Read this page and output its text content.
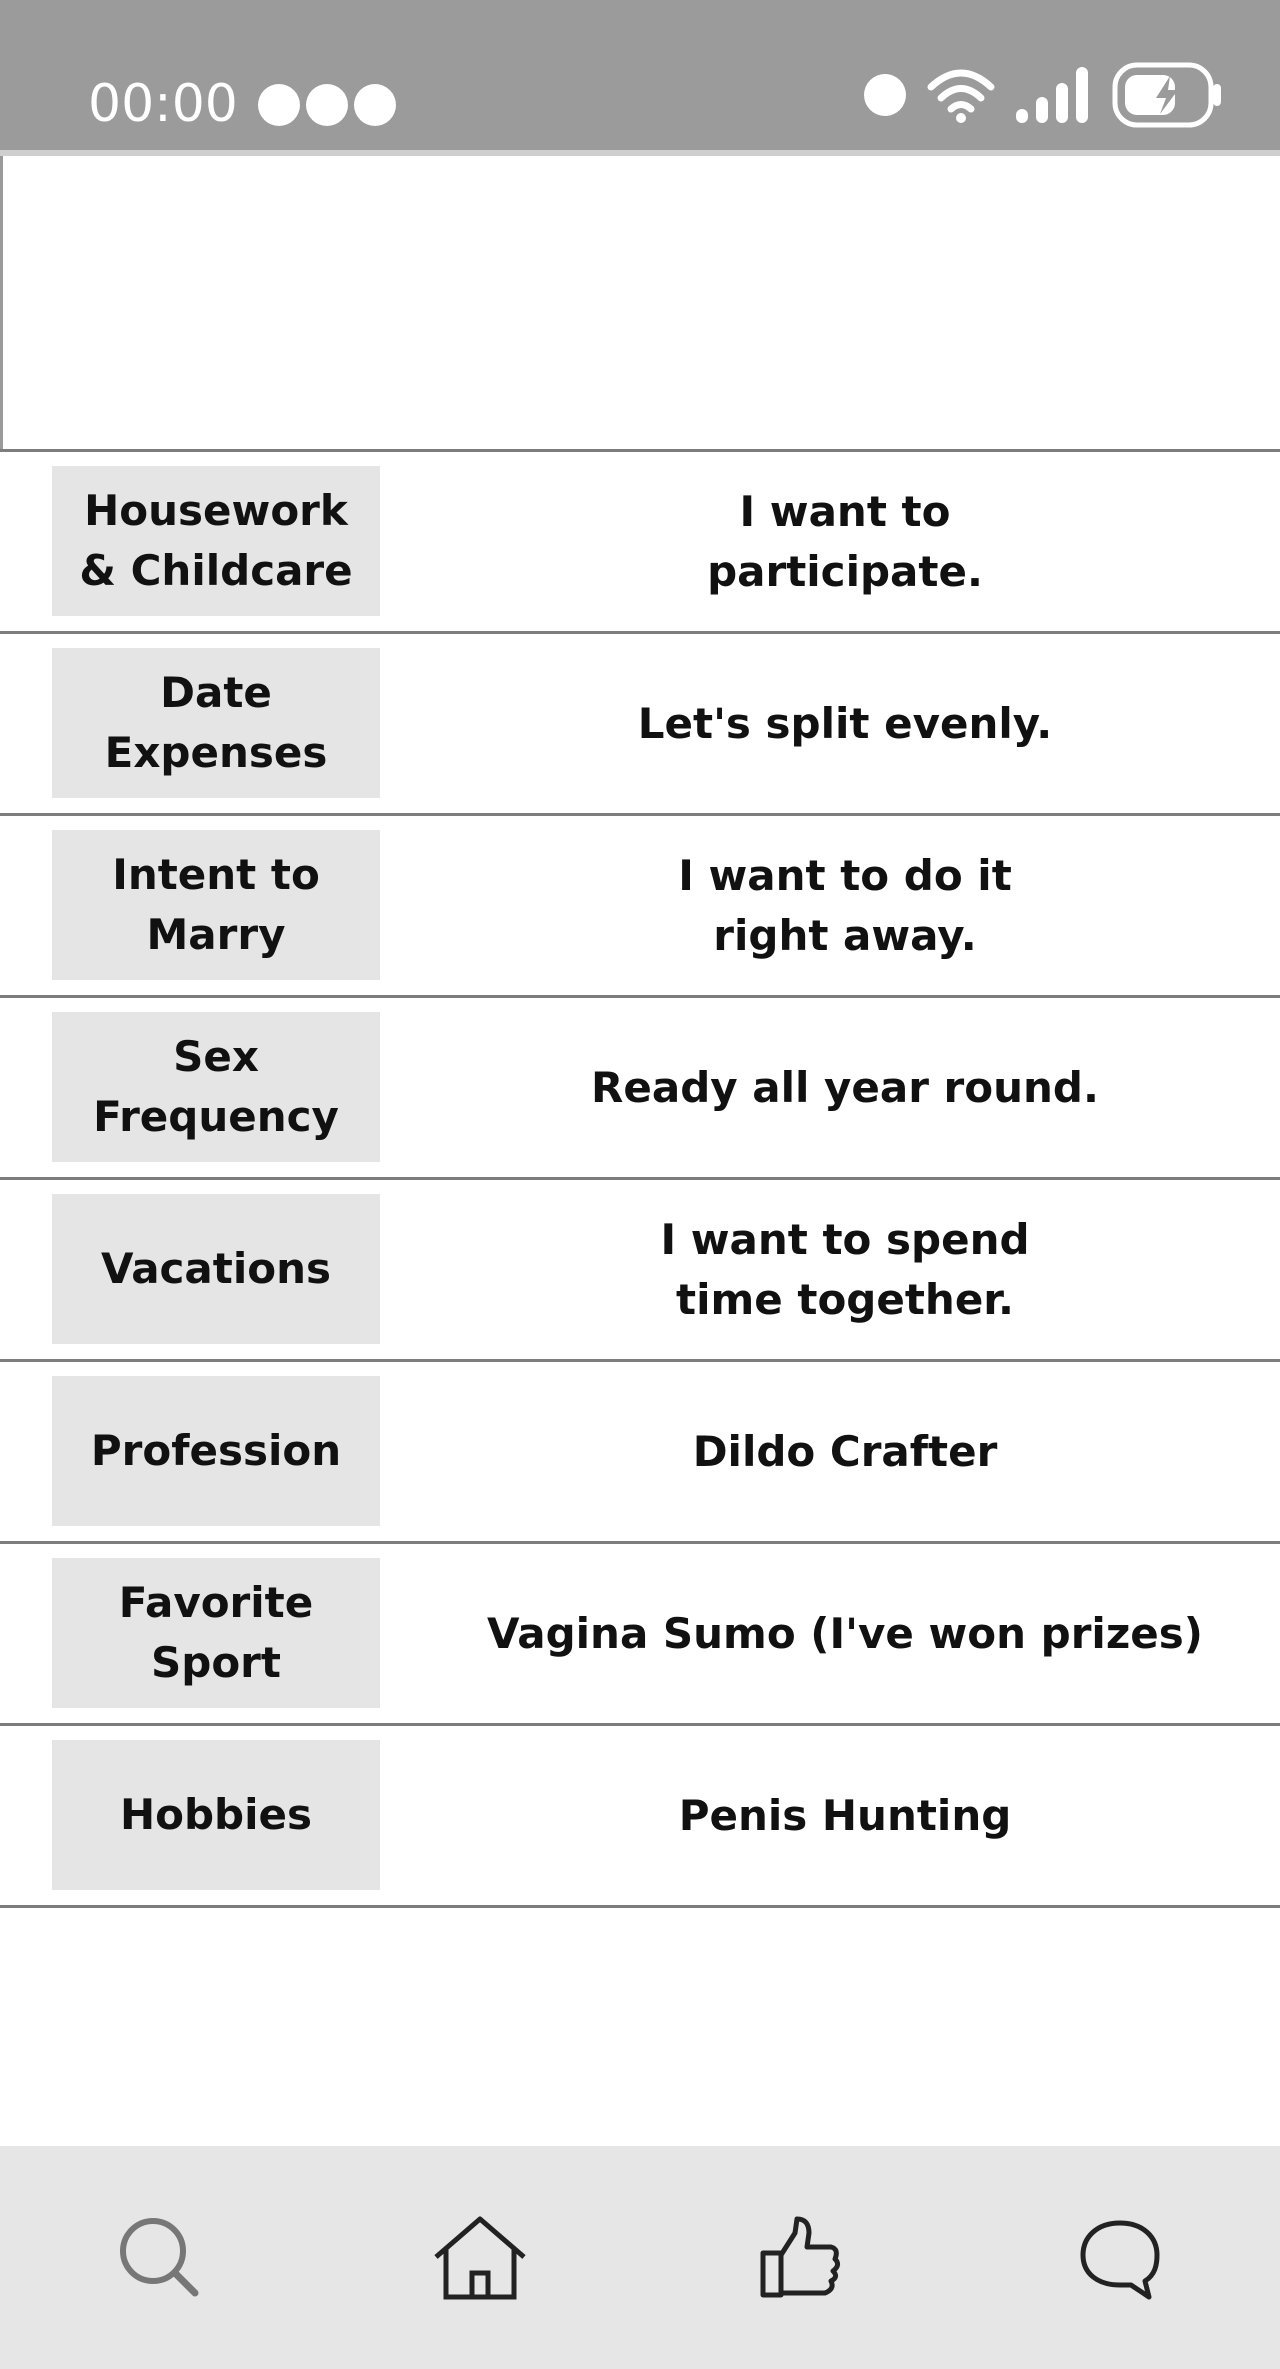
00:00
Housework
& Childcare
I want to
participate.
Date
Expenses
Let's split evenly.
Intent to
Marry
I want to do it
right away.
Sex
Frequency
Ready all year round.
Vacations
I want to spend
time together.
Profession	Dildo Crafter
Favorite
Sport
Vagina Sumo (I've won prizes)
Hobbies	Penis Hunting
